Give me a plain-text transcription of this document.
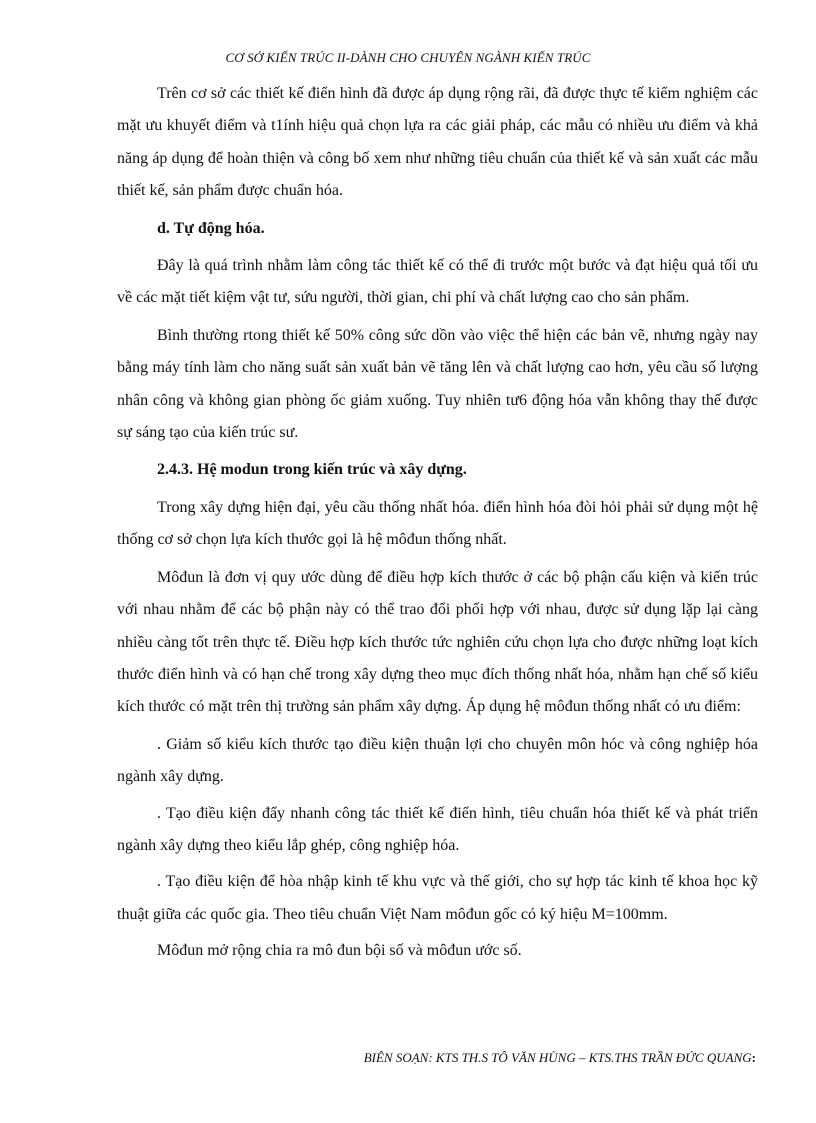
CƠ SỞ KIẾN TRÚC II-DÀNH CHO CHUYÊN NGÀNH KIẾN TRÚC

Trên cơ sở các thiết kế điển hình đã được áp dụng rộng rãi, đã được thực tế kiểm nghiệm các mặt ưu khuyết điểm và t1ính hiệu quả chọn lựa ra các giải pháp, các mẫu có nhiều ưu điểm và khả năng áp dụng để hoàn thiện và công bố xem như những tiêu chuẩn của thiết kế và sản xuất các mẫu thiết kế, sản phẩm được chuẩn hóa.

d. Tự động hóa.

Đây là quá trình nhằm làm công tác thiết kế có thể đi trước một bước và đạt hiệu quả tối ưu về các mặt tiết kiệm vật tư, sứu người, thời gian, chi phí và chất lượng cao cho sản phẩm.

Bình thường rtong thiết kế 50% công sức dồn vào việc thể hiện các bản vẽ, nhưng ngày nay bằng máy tính làm cho năng suất sản xuất bản vẽ tăng lên và chất lượng cao hơn, yêu cầu số lượng nhân công và không gian phòng ốc giảm xuống. Tuy nhiên tư6 động hóa vẫn không thay thế được sự sáng tạo của kiến trúc sư.

2.4.3. Hệ modun trong kiến trúc và xây dựng.

Trong xây dựng hiện đại, yêu cầu thống nhất hóa. điển hình hóa đòi hỏi phải sử dụng một hệ thống cơ sở chọn lựa kích thước gọi là hệ môđun thống nhất.

Môđun là đơn vị quy ước dùng để điều hợp kích thước ở các bộ phận cấu kiện và kiến trúc với nhau nhằm để các bộ phận này có thể trao đổi phối hợp với nhau, được sử dụng lặp lại càng nhiều càng tốt trên thực tế. Điều hợp kích thước tức nghiên cứu chọn lựa cho được những loạt kích thước điển hình và có hạn chế trong xây dựng theo mục đích thống nhất hóa, nhằm hạn chế số kiểu kích thước có mặt trên thị trường sản phẩm xây dựng. Áp dụng hệ môđun thống nhất có ưu điểm:

. Giảm số kiểu kích thước tạo điều kiện thuận lợi cho chuyên môn hóc và công nghiệp hóa ngành xây dựng.

. Tạo điều kiện đẩy nhanh công tác thiết kế điển hình, tiêu chuẩn hóa thiết kế và phát triển ngành xây dựng theo kiểu lắp ghép, công nghiệp hóa.

. Tạo điều kiện để hòa nhập kinh tế khu vực và thế giới, cho sự hợp tác kinh tế khoa học kỹ thuật giữa các quốc gia. Theo tiêu chuẩn Việt Nam môđun gốc có ký hiệu M=100mm.

Môđun mở rộng chia ra mô đun bội số và môđun ước số.

BIÊN SOẠN: KTS TH.S TÔ VĂN HÙNG – KTS.THS TRẦN ĐỨC QUANG:
